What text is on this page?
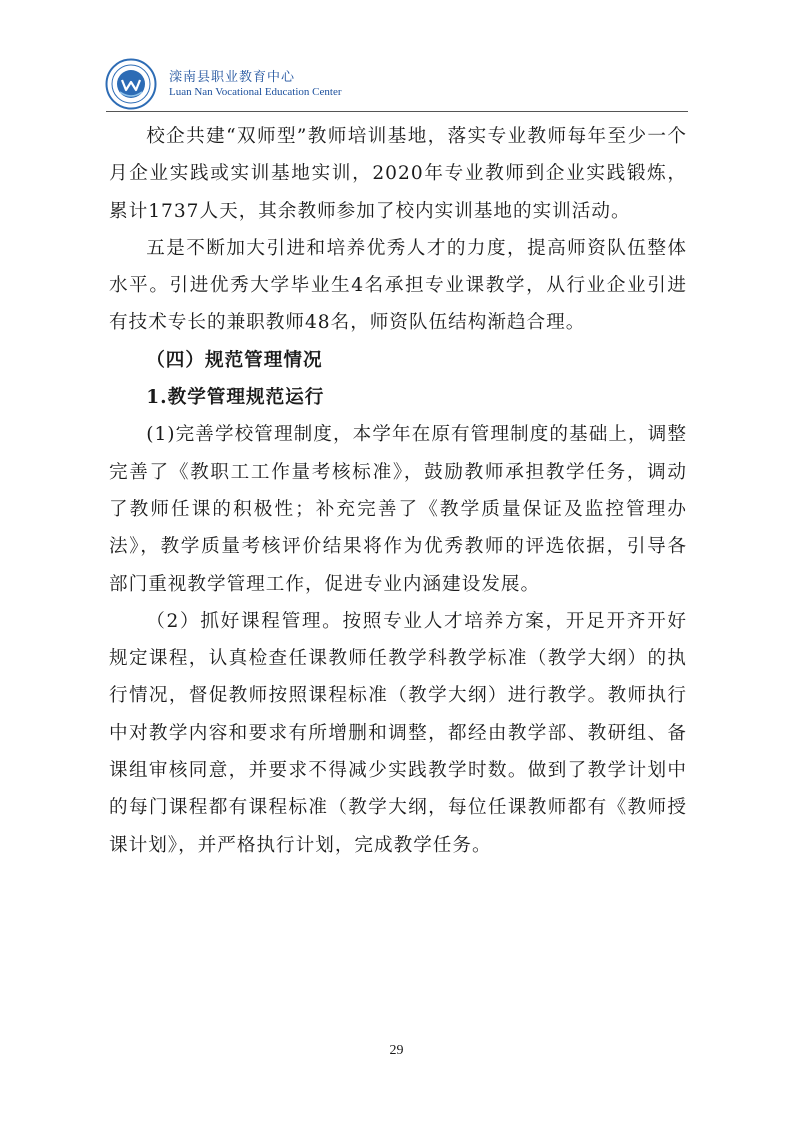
滦南县职业教育中心
Luan Nan Vocational Education Center

校企共建“双师型”教师培训基地，落实专业教师每年至少一个月企业实践或实训基地实训，2020年专业教师到企业实践锻炼，累计1737人天，其余教师参加了校内实训基地的实训活动。

五是不断加大引进和培养优秀人才的力度，提高师资队伍整体水平。引进优秀大学毕业生4名承担专业课教学，从行业企业引进有技术专长的兼职教师48名，师资队伍结构渐趋合理。

（四）规范管理情况

1.教学管理规范运行

(1)完善学校管理制度，本学年在原有管理制度的基础上，调整完善了《教职工工作量考核标准》，鼓励教师承担教学任务，调动了教师任课的积极性；补充完善了《教学质量保证及监控管理办法》，教学质量考核评价结果将作为优秀教师的评选依据，引导各部门重视教学管理工作，促进专业内涵建设发展。

（2）抓好课程管理。按照专业人才培养方案，开足开齐开好规定课程，认真检查任课教师任教学科教学标准（教学大纲）的执行情况，督促教师按照课程标准（教学大纲）进行教学。教师执行中对教学内容和要求有所增删和调整，都经由教学部、教研组、备课组审核同意，并要求不得减少实践教学时数。做到了教学计划中的每门课程都有课程标准（教学大纲，每位任课教师都有《教师授课计划》，并严格执行计划，完成教学任务。

29
